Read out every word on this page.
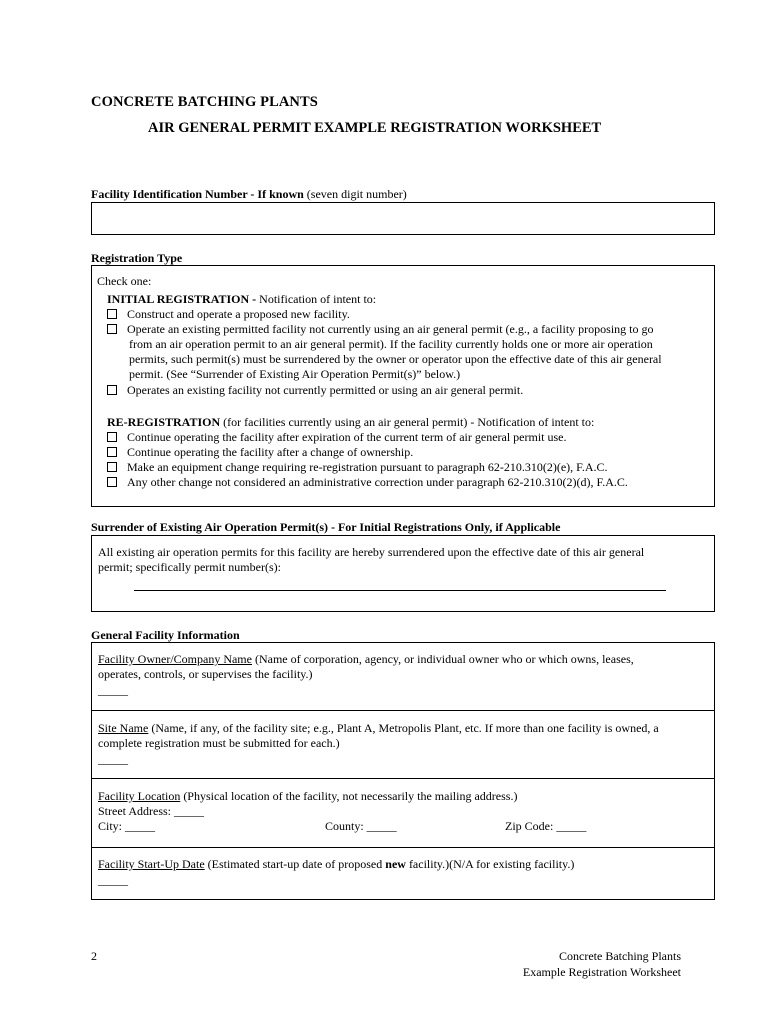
CONCRETE BATCHING PLANTS
AIR GENERAL PERMIT EXAMPLE REGISTRATION WORKSHEET
Facility Identification Number - If known (seven digit number)
Registration Type
Check one:
INITIAL REGISTRATION - Notification of intent to:
Construct and operate a proposed new facility.
Operate an existing permitted facility not currently using an air general permit (e.g., a facility proposing to go
from an air operation permit to an air general permit). If the facility currently holds one or more air operation
permits, such permit(s) must be surrendered by the owner or operator upon the effective date of this air general
permit. (See “Surrender of Existing Air Operation Permit(s)” below.)
Operates an existing facility not currently permitted or using an air general permit.
RE-REGISTRATION (for facilities currently using an air general permit) - Notification of intent to:
Continue operating the facility after expiration of the current term of air general permit use.
Continue operating the facility after a change of ownership.
Make an equipment change requiring re-registration pursuant to paragraph 62-210.310(2)(e), F.A.C.
Any other change not considered an administrative correction under paragraph 62-210.310(2)(d), F.A.C.
Surrender of Existing Air Operation Permit(s) - For Initial Registrations Only, if Applicable
All existing air operation permits for this facility are hereby surrendered upon the effective date of this air general
permit; specifically permit number(s):
General Facility Information
Facility Owner/Company Name (Name of corporation, agency, or individual owner who or which owns, leases,
operates, controls, or supervises the facility.)
_____
Site Name (Name, if any, of the facility site; e.g., Plant A, Metropolis Plant, etc. If more than one facility is owned, a
complete registration must be submitted for each.)
_____
Facility Location (Physical location of the facility, not necessarily the mailing address.)
Street Address: _____
City: _____	County: _____	Zip Code: _____
Facility Start-Up Date (Estimated start-up date of proposed new facility.)(N/A for existing facility.)
_____
2	Concrete Batching Plants
Example Registration Worksheet
